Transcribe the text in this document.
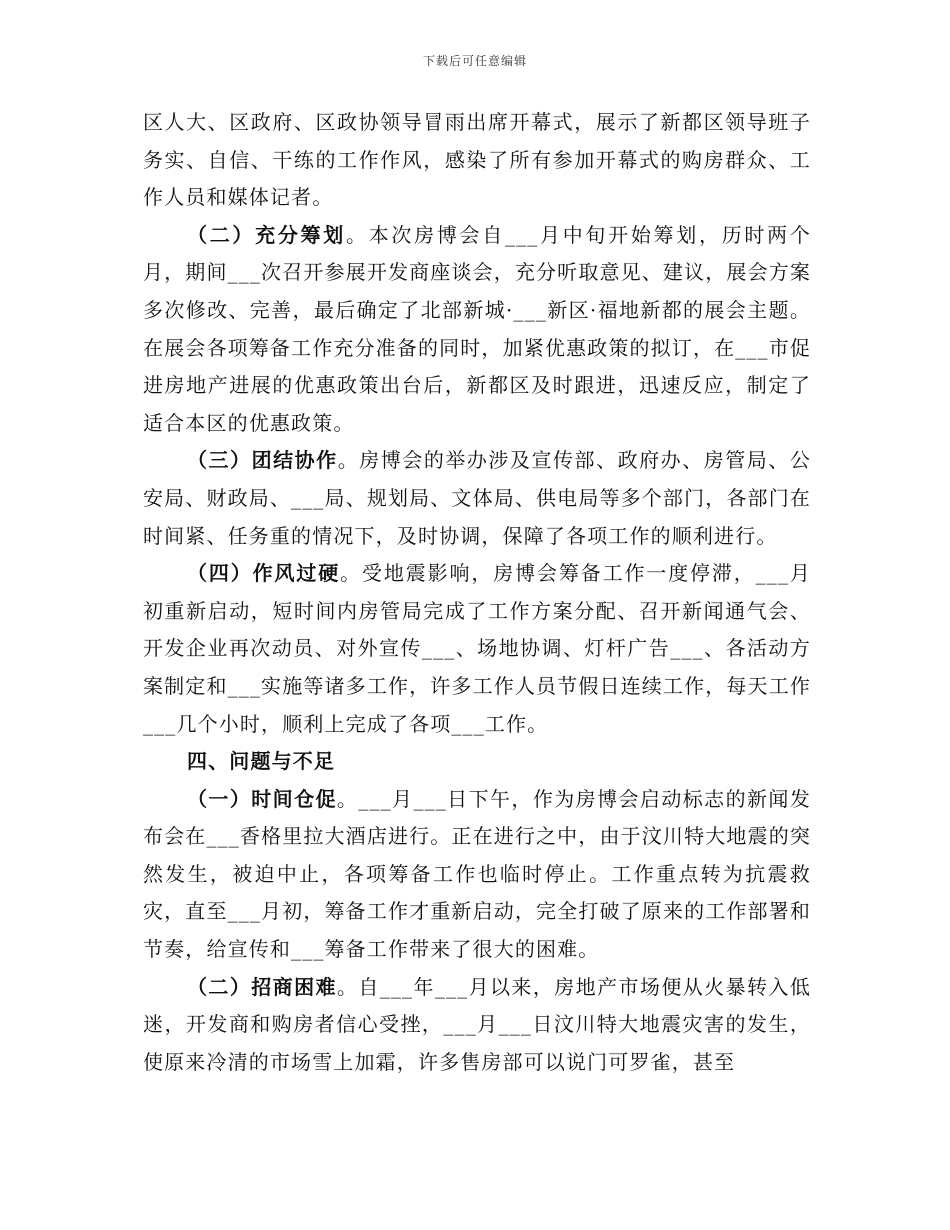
下载后可任意编辑

区人大、区政府、区政协领导冒雨出席开幕式，展示了新都区领导班子务实、自信、干练的工作作风，感染了所有参加开幕式的购房群众、工作人员和媒体记者。

（二）充分筹划。本次房博会自___月中旬开始筹划，历时两个月，期间___次召开参展开发商座谈会，充分听取意见、建议，展会方案多次修改、完善，最后确定了北部新城·___新区·福地新都的展会主题。在展会各项筹备工作充分准备的同时，加紧优惠政策的拟订，在___市促进房地产进展的优惠政策出台后，新都区及时跟进，迅速反应，制定了适合本区的优惠政策。

（三）团结协作。房博会的举办涉及宣传部、政府办、房管局、公安局、财政局、___局、规划局、文体局、供电局等多个部门，各部门在时间紧、任务重的情况下，及时协调，保障了各项工作的顺利进行。

（四）作风过硬。受地震影响，房博会筹备工作一度停滞，___月初重新启动，短时间内房管局完成了工作方案分配、召开新闻通气会、开发企业再次动员、对外宣传___、场地协调、灯杆广告___、各活动方案制定和___实施等诸多工作，许多工作人员节假日连续工作，每天工作___几个小时，顺利上完成了各项___工作。

四、问题与不足

（一）时间仓促。___月___日下午，作为房博会启动标志的新闻发布会在___香格里拉大酒店进行。正在进行之中，由于汶川特大地震的突然发生，被迫中止，各项筹备工作也临时停止。工作重点转为抗震救灾，直至___月初，筹备工作才重新启动，完全打破了原来的工作部署和节奏，给宣传和___筹备工作带来了很大的困难。

（二）招商困难。自___年___月以来，房地产市场便从火暴转入低迷，开发商和购房者信心受挫，___月___日汶川特大地震灾害的发生，使原来冷清的市场雪上加霜，许多售房部可以说门可罗雀，甚至
